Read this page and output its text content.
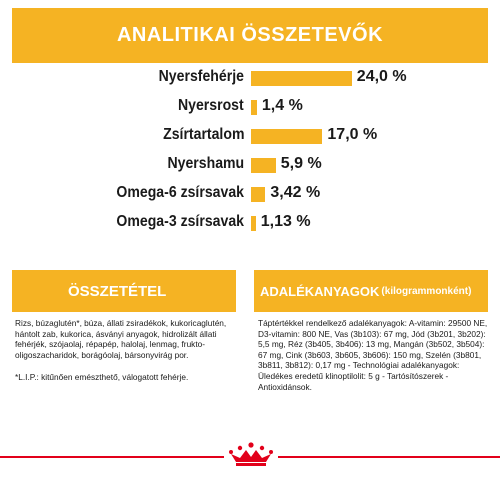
ANALITIKAI ÖSSZETEVŐK
Nyersfehérje	24,0 %
Nyersrost 1,4 %
Zsírtartalom	17,0 %
Nyershamu 5,9 %
Omega-6 zsírsavak 3,42 %
Omega-3 zsírsavak 1,13 %
ÖSSZETÉTEL
Rizs, búzaglutén*, búza, állati zsiradékok, kukoricaglutén, hántolt zab, kukorica, ásványi anyagok, hidrolizált állati fehérjék, szójaolaj, répapép, halolaj, lenmag, frukto-oligoszacharidok, borágóolaj, bársonyvirág por.
*L.I.P.: kitűnően emészthető, válogatott fehérje.
ADALÉKANYAGOK (kilogrammonként)
Táptértékkel rendelkező adalékanyagok: A-vitamin: 29500 NE, D3-vitamin: 800 NE, Vas (3b103): 67 mg, Jód (3b201, 3b202): 5,5 mg, Réz (3b405, 3b406): 13 mg, Mangán (3b502, 3b504): 67 mg, Cink (3b603, 3b605, 3b606): 150 mg, Szelén (3b801, 3b811, 3b812): 0,17 mg - Technológiai adalékanyagok: Üledékes eredetű klinoptilolit: 5 g - Tartósítószerek - Antioxidánsok.
